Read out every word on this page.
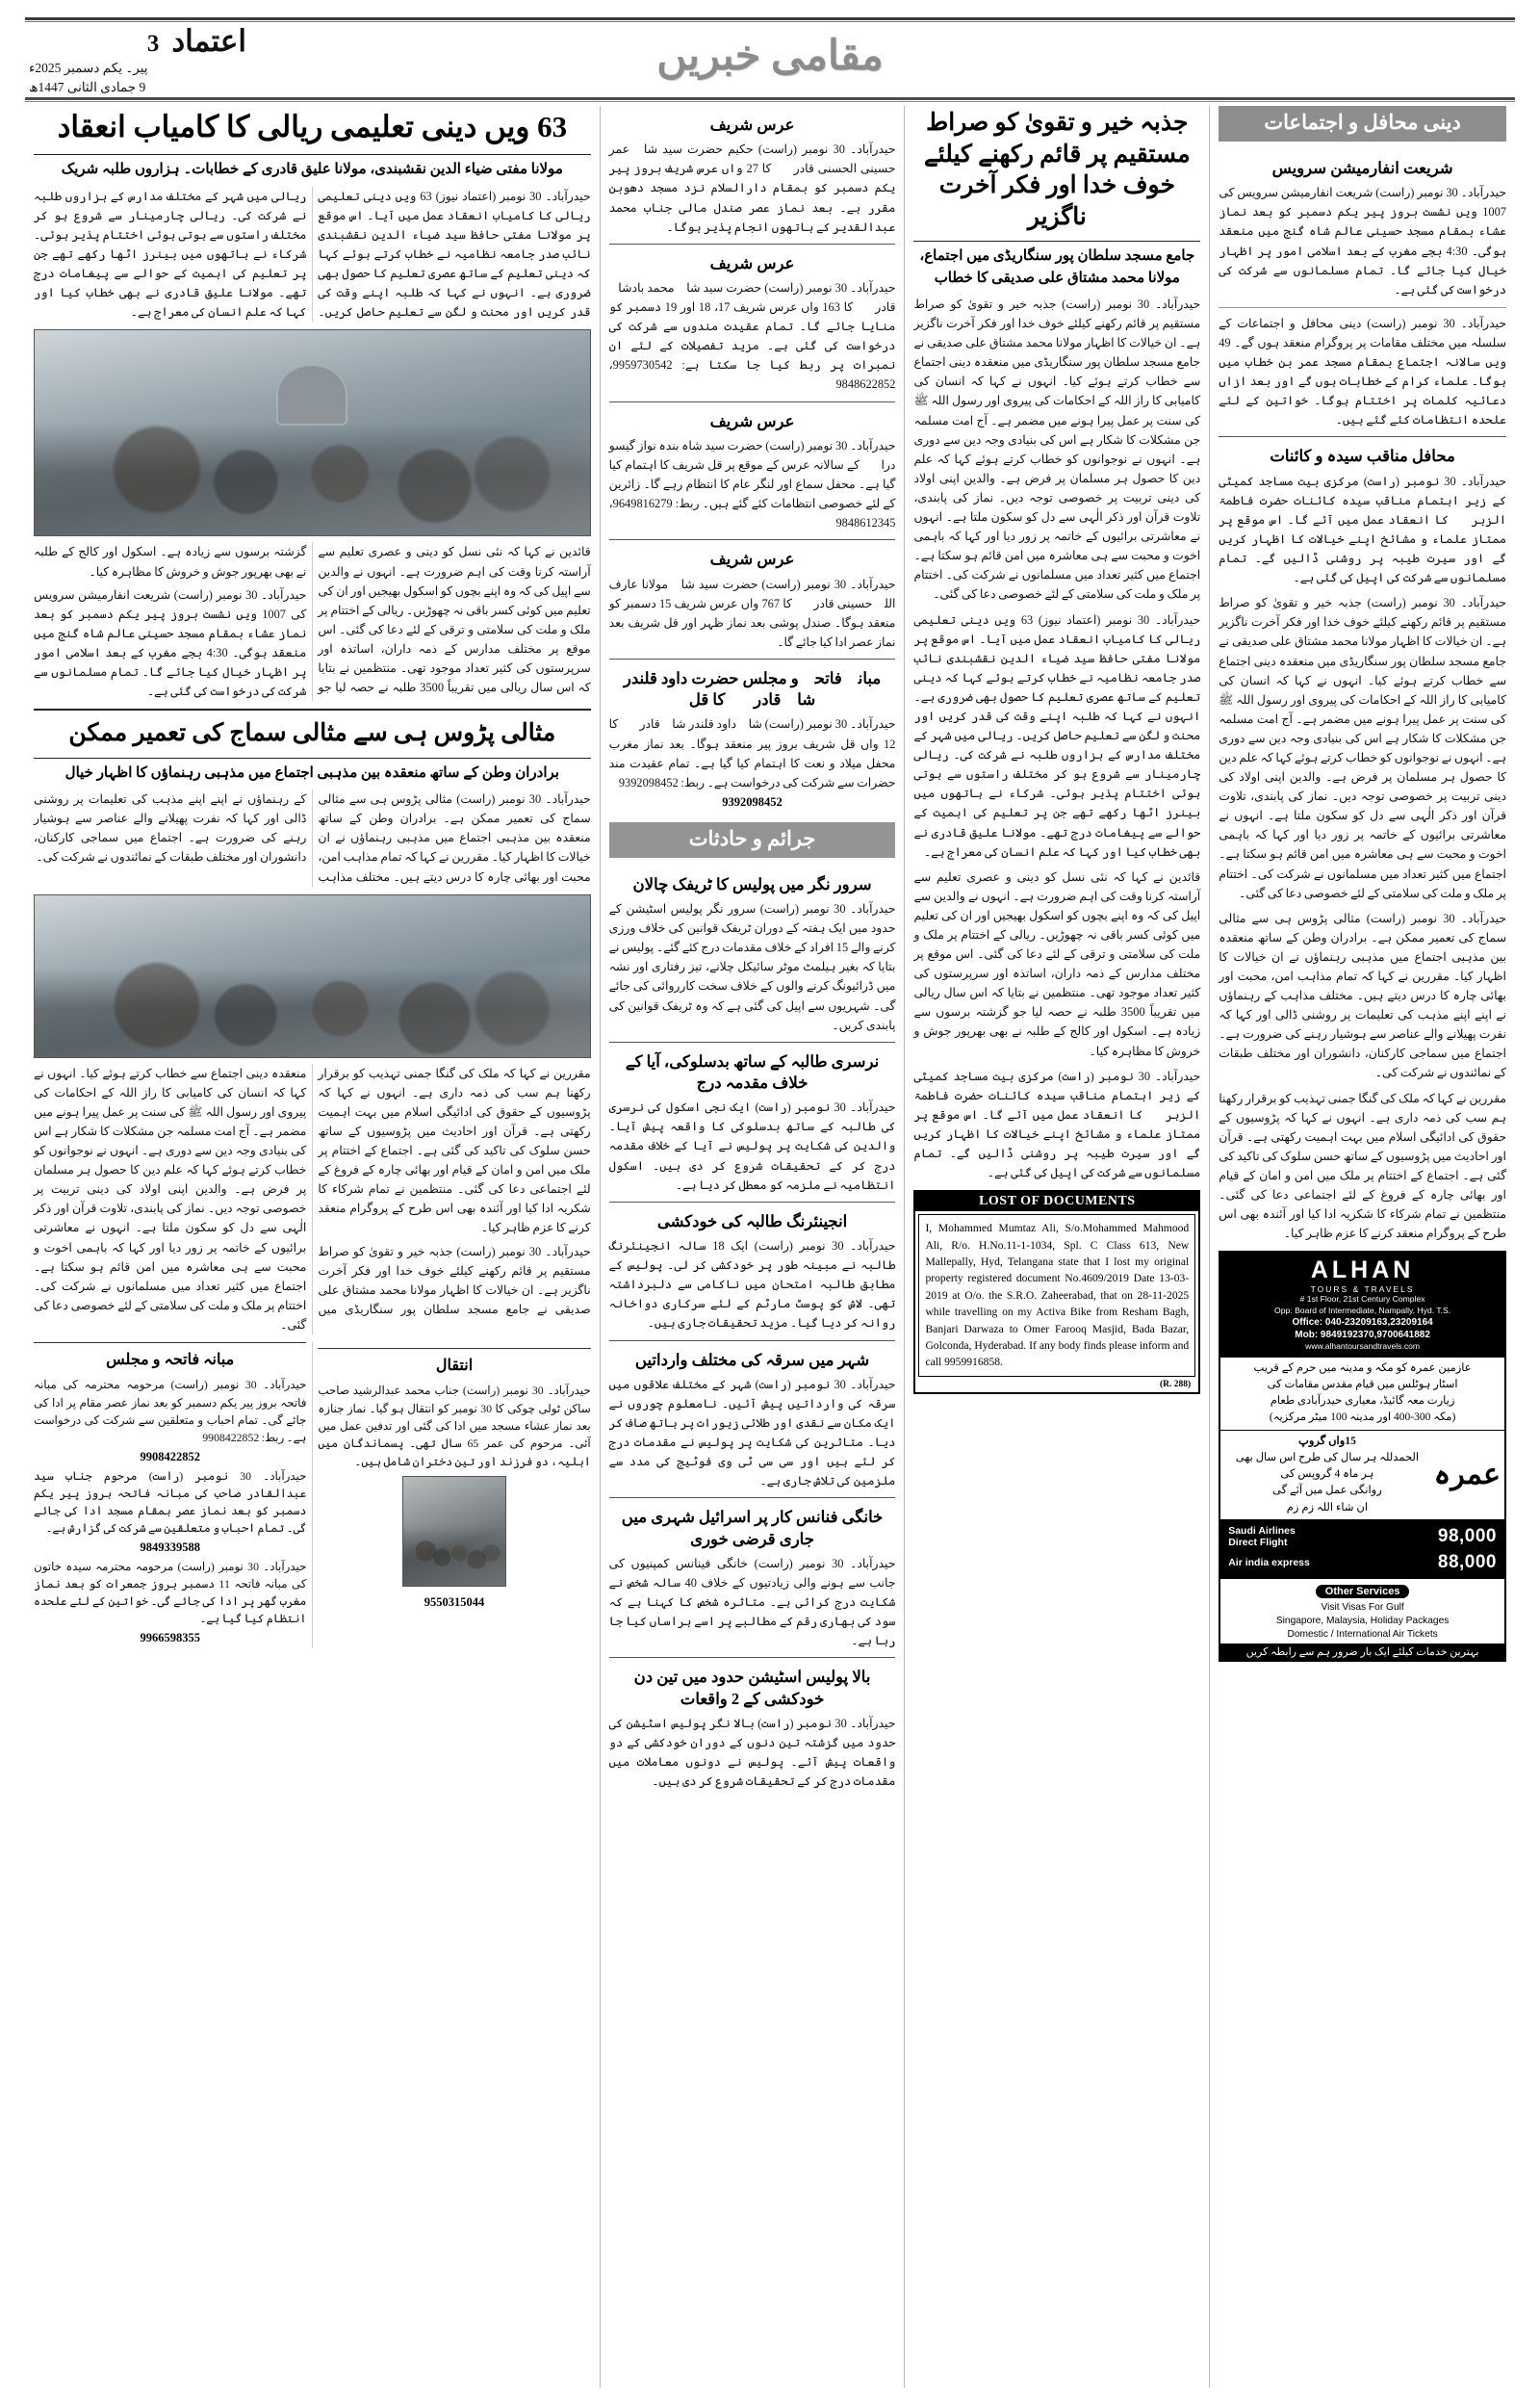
مقامی خبریں
اعتماد
3
پیر۔ یکم دسمبر 2025ء
9 جمادی الثانی 1447ھ
دینی محافل و اجتماعات
شریعت انفارمیشن سرویس
حیدرآباد۔ 30 نومبر (راست) شریعت انفارمیشن سرویس کی 1007 ویں نشست بروز پیر یکم دسمبر کو بعد نماز عشاء بمقام مسجد حسینی عالم شاہ گنج میں منعقد ہوگی۔ 4:30 بجے مغرب کے بعد اسلامی امور پر اظہار خیال کیا جائے گا۔ تمام مسلمانوں سے شرکت کی درخواست کی گئی ہے۔
حیدرآباد۔ 30 نومبر (راست) دینی محافل و اجتماعات کے سلسلہ میں مختلف مقامات پر پروگرام منعقد ہوں گے۔ 49 ویں سالانہ اجتماع بمقام مسجد عمر بن خطاب میں ہوگا۔ علماء کرام کے خطابات ہوں گے اور بعد ازاں دعائیہ کلمات پر اختتام ہوگا۔ خواتین کے لئے علحدہ انتظامات کئے گئے ہیں۔
محافل مناقب سیدہ و کائنات
حیدرآباد۔ 30 نومبر (راست) مرکزی بیت مساجد کمیٹی کے زیر اہتمام مناقب سیدہ کائنات حضرت فاطمۃ الزہراؓ کا انعقاد عمل میں آئے گا۔ اس موقع پر ممتاز علماء و مشائخ اپنے خیالات کا اظہار کریں گے اور سیرت طیبہ پر روشنی ڈالیں گے۔ تمام مسلمانوں سے شرکت کی اپیل کی گئی ہے۔
حیدرآباد۔ 30 نومبر (راست) جذبہ خیر و تقویٰ کو صراط مستقیم پر قائم رکھنے کیلئے خوف خدا اور فکر آخرت ناگزیر ہے۔ ان خیالات کا اظہار مولانا محمد مشتاق علی صدیقی نے جامع مسجد سلطان پور سنگاریڈی میں منعقدہ دینی اجتماع سے خطاب کرتے ہوئے کیا۔ انہوں نے کہا کہ انسان کی کامیابی کا راز اللہ کے احکامات کی پیروی اور رسول اللہ ﷺ کی سنت پر عمل پیرا ہونے میں مضمر ہے۔ آج امت مسلمہ جن مشکلات کا شکار ہے اس کی بنیادی وجہ دین سے دوری ہے۔ انہوں نے نوجوانوں کو خطاب کرتے ہوئے کہا کہ علم دین کا حصول ہر مسلمان پر فرض ہے۔ والدین اپنی اولاد کی دینی تربیت پر خصوصی توجہ دیں۔ نماز کی پابندی، تلاوت قرآن اور ذکر الٰہی سے دل کو سکون ملتا ہے۔ انہوں نے معاشرتی برائیوں کے خاتمہ پر زور دیا اور کہا کہ باہمی اخوت و محبت سے ہی معاشرہ میں امن قائم ہو سکتا ہے۔ اجتماع میں کثیر تعداد میں مسلمانوں نے شرکت کی۔ اختتام پر ملک و ملت کی سلامتی کے لئے خصوصی دعا کی گئی۔
حیدرآباد۔ 30 نومبر (راست) مثالی پڑوس ہی سے مثالی سماج کی تعمیر ممکن ہے۔ برادران وطن کے ساتھ منعقدہ بین مذہبی اجتماع میں مذہبی رہنماؤں نے ان خیالات کا اظہار کیا۔ مقررین نے کہا کہ تمام مذاہب امن، محبت اور بھائی چارہ کا درس دیتے ہیں۔ مختلف مذاہب کے رہنماؤں نے اپنے اپنے مذہب کی تعلیمات پر روشنی ڈالی اور کہا کہ نفرت پھیلانے والے عناصر سے ہوشیار رہنے کی ضرورت ہے۔ اجتماع میں سماجی کارکنان، دانشوران اور مختلف طبقات کے نمائندوں نے شرکت کی۔
مقررین نے کہا کہ ملک کی گنگا جمنی تہذیب کو برقرار رکھنا ہم سب کی ذمہ داری ہے۔ انہوں نے کہا کہ پڑوسیوں کے حقوق کی ادائیگی اسلام میں بہت اہمیت رکھتی ہے۔ قرآن اور احادیث میں پڑوسیوں کے ساتھ حسن سلوک کی تاکید کی گئی ہے۔ اجتماع کے اختتام پر ملک میں امن و امان کے قیام اور بھائی چارہ کے فروغ کے لئے اجتماعی دعا کی گئی۔ منتظمین نے تمام شرکاء کا شکریہ ادا کیا اور آئندہ بھی اس طرح کے پروگرام منعقد کرنے کا عزم ظاہر کیا۔
ALHAN
TOURS & TRAVELS
# 1st Floor, 21st Century Complex
Opp: Board of Intermediate, Nampally, Hyd. T.S.
Office: 040-23209163,23209164
Mob: 9849192370,9700641882
www.alhantoursandtravels.com
عازمین عمرہ کو مکہ و مدینہ میں حرم کے قریب
اسٹار ہوٹلس میں قیام مقدس مقامات کی
زیارت معہ گائیڈ، معیاری حیدرآبادی طعام
(مکہ 300-400 اور مدینہ 100 میٹر مرکزیہ)
عمرہ
15واں گروپ
الحمدللہ ہر سال کی طرح اس سال بھی
ہر ماہ 4 گروپس کی
روانگی عمل میں آئے گی
ان شاء اللہ زم زم
Saudi Airlines
Direct Flight	98,000
Air india express	88,000
Other Services
Visit Visas For Gulf
Singapore, Malaysia, Holiday Packages
Domestic / International Air Tickets
بہترین خدمات کیلئے ایک بار ضرور ہم سے رابطہ کریں
جذبہ خیر و تقویٰ کو صراط مستقیم پر قائم رکھنے کیلئے خوف خدا اور فکر آخرت ناگزیر
جامع مسجد سلطان پور سنگاریڈی میں اجتماع، مولانا محمد مشتاق علی صدیقی کا خطاب
حیدرآباد۔ 30 نومبر (راست) جذبہ خیر و تقویٰ کو صراط مستقیم پر قائم رکھنے کیلئے خوف خدا اور فکر آخرت ناگزیر ہے۔ ان خیالات کا اظہار مولانا محمد مشتاق علی صدیقی نے جامع مسجد سلطان پور سنگاریڈی میں منعقدہ دینی اجتماع سے خطاب کرتے ہوئے کیا۔ انہوں نے کہا کہ انسان کی کامیابی کا راز اللہ کے احکامات کی پیروی اور رسول اللہ ﷺ کی سنت پر عمل پیرا ہونے میں مضمر ہے۔ آج امت مسلمہ جن مشکلات کا شکار ہے اس کی بنیادی وجہ دین سے دوری ہے۔ انہوں نے نوجوانوں کو خطاب کرتے ہوئے کہا کہ علم دین کا حصول ہر مسلمان پر فرض ہے۔ والدین اپنی اولاد کی دینی تربیت پر خصوصی توجہ دیں۔ نماز کی پابندی، تلاوت قرآن اور ذکر الٰہی سے دل کو سکون ملتا ہے۔ انہوں نے معاشرتی برائیوں کے خاتمہ پر زور دیا اور کہا کہ باہمی اخوت و محبت سے ہی معاشرہ میں امن قائم ہو سکتا ہے۔ اجتماع میں کثیر تعداد میں مسلمانوں نے شرکت کی۔ اختتام پر ملک و ملت کی سلامتی کے لئے خصوصی دعا کی گئی۔
حیدرآباد۔ 30 نومبر (اعتماد نیوز) 63 ویں دینی تعلیمی ریالی کا کامیاب انعقاد عمل میں آیا۔ اس موقع پر مولانا مفتی حافظ سید ضیاء الدین نقشبندی نائب صدر جامعہ نظامیہ نے خطاب کرتے ہوئے کہا کہ دینی تعلیم کے ساتھ عصری تعلیم کا حصول بھی ضروری ہے۔ انہوں نے کہا کہ طلبہ اپنے وقت کی قدر کریں اور محنت و لگن سے تعلیم حاصل کریں۔ ریالی میں شہر کے مختلف مدارس کے ہزاروں طلبہ نے شرکت کی۔ ریالی چارمینار سے شروع ہو کر مختلف راستوں سے ہوتی ہوئی اختتام پذیر ہوئی۔ شرکاء نے ہاتھوں میں بینرز اٹھا رکھے تھے جن پر تعلیم کی اہمیت کے حوالے سے پیغامات درج تھے۔ مولانا علیق قادری نے بھی خطاب کیا اور کہا کہ علم انسان کی معراج ہے۔
قائدین نے کہا کہ نئی نسل کو دینی و عصری تعلیم سے آراستہ کرنا وقت کی اہم ضرورت ہے۔ انہوں نے والدین سے اپیل کی کہ وہ اپنے بچوں کو اسکول بھیجیں اور ان کی تعلیم میں کوئی کسر باقی نہ چھوڑیں۔ ریالی کے اختتام پر ملک و ملت کی سلامتی و ترقی کے لئے دعا کی گئی۔ اس موقع پر مختلف مدارس کے ذمہ داران، اساتذہ اور سرپرستوں کی کثیر تعداد موجود تھی۔ منتظمین نے بتایا کہ اس سال ریالی میں تقریباً 3500 طلبہ نے حصہ لیا جو گزشتہ برسوں سے زیادہ ہے۔ اسکول اور کالج کے طلبہ نے بھی بھرپور جوش و خروش کا مظاہرہ کیا۔
حیدرآباد۔ 30 نومبر (راست) مرکزی بیت مساجد کمیٹی کے زیر اہتمام مناقب سیدہ کائنات حضرت فاطمۃ الزہراؓ کا انعقاد عمل میں آئے گا۔ اس موقع پر ممتاز علماء و مشائخ اپنے خیالات کا اظہار کریں گے اور سیرت طیبہ پر روشنی ڈالیں گے۔ تمام مسلمانوں سے شرکت کی اپیل کی گئی ہے۔
LOST OF DOCUMENTS
I, Mohammed Mumtaz Ali, S/o.Mohammed Mahmood Ali, R/o. H.No.11-1-1034, Spl. C Class 613, New Mallepally, Hyd, Telangana state that I lost my original property registered document No.4609/2019 Date 13-03-2019 at O/o. the S.R.O. Zaheerabad, that on 28-11-2025 while travelling on my Activa Bike from Resham Bagh, Banjari Darwaza to Omer Farooq Masjid, Bada Bazar, Golconda, Hyderabad. If any body finds please inform and call 9959916858.
(R. 288)
عرس شریف
حیدرآباد۔ 30 نومبر (راست) حکیم حضرت سید شاہ عمر حسینی الحسنی قادریؒ کا 27 واں عرس شریف بروز پیر یکم دسمبر کو بمقام دارالسلام نزد مسجد دھوبن مقرر ہے۔ بعد نماز عصر صندل مالی جناب محمد عبدالقدیر کے ہاتھوں انجام پذیر ہوگا۔
عرس شریف
حیدرآباد۔ 30 نومبر (راست) حضرت سید شاہ محمد بادشاہ قادریؒ کا 163 واں عرس شریف 17، 18 اور 19 دسمبر کو منایا جائے گا۔ تمام عقیدت مندوں سے شرکت کی درخواست کی گئی ہے۔ مزید تفصیلات کے لئے ان نمبرات پر ربط کیا جا سکتا ہے: 9959730542، 9848622852
عرس شریف
حیدرآباد۔ 30 نومبر (راست) حضرت سید شاہ بندہ نواز گیسو درازؒ کے سالانہ عرس کے موقع پر قل شریف کا اہتمام کیا گیا ہے۔ محفل سماع اور لنگر عام کا انتظام رہے گا۔ زائرین کے لئے خصوصی انتظامات کئے گئے ہیں۔ ربط: 9649816279، 9848612345
عرس شریف
حیدرآباد۔ 30 نومبر (راست) حضرت سید شاہ مولانا عارف اللہ حسینی قادریؒ کا 767 واں عرس شریف 15 دسمبر کو منعقد ہوگا۔ صندل پوشی بعد نماز ظہر اور قل شریف بعد نماز عصر ادا کیا جائے گا۔
مبانہ فاتحہ و مجلس حضرت داود قلندر شاہ قادریؒ کا قل
حیدرآباد۔ 30 نومبر (راست) شاہ داود قلندر شاہ قادریؒ کا 12 واں قل شریف بروز پیر منعقد ہوگا۔ بعد نماز مغرب محفل میلاد و نعت کا اہتمام کیا گیا ہے۔ تمام عقیدت مند حضرات سے شرکت کی درخواست ہے۔ ربط: 9392098452
9392098452
جرائم و حادثات
سرور نگر میں پولیس کا ٹریفک چالان
حیدرآباد۔ 30 نومبر (راست) سرور نگر پولیس اسٹیشن کے حدود میں ایک ہفتہ کے دوران ٹریفک قوانین کی خلاف ورزی کرنے والے 15 افراد کے خلاف مقدمات درج کئے گئے۔ پولیس نے بتایا کہ بغیر ہیلمٹ موٹر سائیکل چلانے، تیز رفتاری اور نشہ میں ڈرائیونگ کرنے والوں کے خلاف سخت کارروائی کی جائے گی۔ شہریوں سے اپیل کی گئی ہے کہ وہ ٹریفک قوانین کی پابندی کریں۔
نرسری طالبہ کے ساتھ بدسلوکی، آیا کے خلاف مقدمہ درج
حیدرآباد۔ 30 نومبر (راست) ایک نجی اسکول کی نرسری کی طالبہ کے ساتھ بدسلوکی کا واقعہ پیش آیا۔ والدین کی شکایت پر پولیس نے آیا کے خلاف مقدمہ درج کر کے تحقیقات شروع کر دی ہیں۔ اسکول انتظامیہ نے ملزمہ کو معطل کر دیا ہے۔
انجینئرنگ طالبہ کی خودکشی
حیدرآباد۔ 30 نومبر (راست) ایک 18 سالہ انجینئرنگ طالبہ نے مبینہ طور پر خودکشی کر لی۔ پولیس کے مطابق طالبہ امتحان میں ناکامی سے دلبرداشتہ تھی۔ لاش کو پوسٹ مارٹم کے لئے سرکاری دواخانہ روانہ کر دیا گیا۔ مزید تحقیقات جاری ہیں۔
شہر میں سرقہ کی مختلف وارداتیں
حیدرآباد۔ 30 نومبر (راست) شہر کے مختلف علاقوں میں سرقہ کی وارداتیں پیش آئیں۔ نامعلوم چوروں نے ایک مکان سے نقدی اور طلائی زیورات پر ہاتھ صاف کر دیا۔ متاثرین کی شکایت پر پولیس نے مقدمات درج کر لئے ہیں اور سی سی ٹی وی فوٹیج کی مدد سے ملزمین کی تلاش جاری ہے۔
خانگی فنانس کار پر اسرائیل شہری میں جاری قرضی خوری
حیدرآباد۔ 30 نومبر (راست) خانگی فینانس کمپنیوں کی جانب سے ہونے والی زیادتیوں کے خلاف 40 سالہ شخص نے شکایت درج کرائی ہے۔ متاثرہ شخص کا کہنا ہے کہ سود کی بھاری رقم کے مطالبے پر اسے ہراساں کیا جا رہا ہے۔
بالا پولیس اسٹیشن حدود میں تین دن خودکشی کے 2 واقعات
حیدرآباد۔ 30 نومبر (راست) بالا نگر پولیس اسٹیشن کی حدود میں گزشتہ تین دنوں کے دوران خودکشی کے دو واقعات پیش آئے۔ پولیس نے دونوں معاملات میں مقدمات درج کر کے تحقیقات شروع کر دی ہیں۔
63 ویں دینی تعلیمی ریالی کا کامیاب انعقاد
مولانا مفتی ضیاء الدین نقشبندی، مولانا علیق قادری کے خطابات۔ ہزاروں طلبہ شریک
حیدرآباد۔ 30 نومبر (اعتماد نیوز) 63 ویں دینی تعلیمی ریالی کا کامیاب انعقاد عمل میں آیا۔ اس موقع پر مولانا مفتی حافظ سید ضیاء الدین نقشبندی نائب صدر جامعہ نظامیہ نے خطاب کرتے ہوئے کہا کہ دینی تعلیم کے ساتھ عصری تعلیم کا حصول بھی ضروری ہے۔ انہوں نے کہا کہ طلبہ اپنے وقت کی قدر کریں اور محنت و لگن سے تعلیم حاصل کریں۔ ریالی میں شہر کے مختلف مدارس کے ہزاروں طلبہ نے شرکت کی۔ ریالی چارمینار سے شروع ہو کر مختلف راستوں سے ہوتی ہوئی اختتام پذیر ہوئی۔ شرکاء نے ہاتھوں میں بینرز اٹھا رکھے تھے جن پر تعلیم کی اہمیت کے حوالے سے پیغامات درج تھے۔ مولانا علیق قادری نے بھی خطاب کیا اور کہا کہ علم انسان کی معراج ہے۔
قائدین نے کہا کہ نئی نسل کو دینی و عصری تعلیم سے آراستہ کرنا وقت کی اہم ضرورت ہے۔ انہوں نے والدین سے اپیل کی کہ وہ اپنے بچوں کو اسکول بھیجیں اور ان کی تعلیم میں کوئی کسر باقی نہ چھوڑیں۔ ریالی کے اختتام پر ملک و ملت کی سلامتی و ترقی کے لئے دعا کی گئی۔ اس موقع پر مختلف مدارس کے ذمہ داران، اساتذہ اور سرپرستوں کی کثیر تعداد موجود تھی۔ منتظمین نے بتایا کہ اس سال ریالی میں تقریباً 3500 طلبہ نے حصہ لیا جو گزشتہ برسوں سے زیادہ ہے۔ اسکول اور کالج کے طلبہ نے بھی بھرپور جوش و خروش کا مظاہرہ کیا۔
حیدرآباد۔ 30 نومبر (راست) شریعت انفارمیشن سرویس کی 1007 ویں نشست بروز پیر یکم دسمبر کو بعد نماز عشاء بمقام مسجد حسینی عالم شاہ گنج میں منعقد ہوگی۔ 4:30 بجے مغرب کے بعد اسلامی امور پر اظہار خیال کیا جائے گا۔ تمام مسلمانوں سے شرکت کی درخواست کی گئی ہے۔
مثالی پڑوس ہی سے مثالی سماج کی تعمیر ممکن
برادران وطن کے ساتھ منعقدہ بین مذہبی اجتماع میں مذہبی رہنماؤں کا اظہار خیال
حیدرآباد۔ 30 نومبر (راست) مثالی پڑوس ہی سے مثالی سماج کی تعمیر ممکن ہے۔ برادران وطن کے ساتھ منعقدہ بین مذہبی اجتماع میں مذہبی رہنماؤں نے ان خیالات کا اظہار کیا۔ مقررین نے کہا کہ تمام مذاہب امن، محبت اور بھائی چارہ کا درس دیتے ہیں۔ مختلف مذاہب کے رہنماؤں نے اپنے اپنے مذہب کی تعلیمات پر روشنی ڈالی اور کہا کہ نفرت پھیلانے والے عناصر سے ہوشیار رہنے کی ضرورت ہے۔ اجتماع میں سماجی کارکنان، دانشوران اور مختلف طبقات کے نمائندوں نے شرکت کی۔
مقررین نے کہا کہ ملک کی گنگا جمنی تہذیب کو برقرار رکھنا ہم سب کی ذمہ داری ہے۔ انہوں نے کہا کہ پڑوسیوں کے حقوق کی ادائیگی اسلام میں بہت اہمیت رکھتی ہے۔ قرآن اور احادیث میں پڑوسیوں کے ساتھ حسن سلوک کی تاکید کی گئی ہے۔ اجتماع کے اختتام پر ملک میں امن و امان کے قیام اور بھائی چارہ کے فروغ کے لئے اجتماعی دعا کی گئی۔ منتظمین نے تمام شرکاء کا شکریہ ادا کیا اور آئندہ بھی اس طرح کے پروگرام منعقد کرنے کا عزم ظاہر کیا۔
حیدرآباد۔ 30 نومبر (راست) جذبہ خیر و تقویٰ کو صراط مستقیم پر قائم رکھنے کیلئے خوف خدا اور فکر آخرت ناگزیر ہے۔ ان خیالات کا اظہار مولانا محمد مشتاق علی صدیقی نے جامع مسجد سلطان پور سنگاریڈی میں منعقدہ دینی اجتماع سے خطاب کرتے ہوئے کیا۔ انہوں نے کہا کہ انسان کی کامیابی کا راز اللہ کے احکامات کی پیروی اور رسول اللہ ﷺ کی سنت پر عمل پیرا ہونے میں مضمر ہے۔ آج امت مسلمہ جن مشکلات کا شکار ہے اس کی بنیادی وجہ دین سے دوری ہے۔ انہوں نے نوجوانوں کو خطاب کرتے ہوئے کہا کہ علم دین کا حصول ہر مسلمان پر فرض ہے۔ والدین اپنی اولاد کی دینی تربیت پر خصوصی توجہ دیں۔ نماز کی پابندی، تلاوت قرآن اور ذکر الٰہی سے دل کو سکون ملتا ہے۔ انہوں نے معاشرتی برائیوں کے خاتمہ پر زور دیا اور کہا کہ باہمی اخوت و محبت سے ہی معاشرہ میں امن قائم ہو سکتا ہے۔ اجتماع میں کثیر تعداد میں مسلمانوں نے شرکت کی۔ اختتام پر ملک و ملت کی سلامتی کے لئے خصوصی دعا کی گئی۔
انتقال
حیدرآباد۔ 30 نومبر (راست) جناب محمد عبدالرشید صاحب ساکن ٹولی چوکی کا 30 نومبر کو انتقال ہو گیا۔ نماز جنازہ بعد نماز عشاء مسجد میں ادا کی گئی اور تدفین عمل میں آئی۔ مرحوم کی عمر 65 سال تھی۔ پسماندگان میں اہلیہ، دو فرزند اور تین دختران شامل ہیں۔
9550315044
مبانہ فاتحہ و مجلس
حیدرآباد۔ 30 نومبر (راست) مرحومہ محترمہ کی مبانہ فاتحہ بروز پیر یکم دسمبر کو بعد نماز عصر مقام پر ادا کی جائے گی۔ تمام احباب و متعلقین سے شرکت کی درخواست ہے۔ ربط: 9908422852
9908422852
حیدرآباد۔ 30 نومبر (راست) مرحوم جناب سید عبدالقادر صاحب کی مبانہ فاتحہ بروز پیر یکم دسمبر کو بعد نماز عصر بمقام مسجد ادا کی جائے گی۔ تمام احباب و متعلقین سے شرکت کی گزارش ہے۔
9849339588
حیدرآباد۔ 30 نومبر (راست) مرحومہ محترمہ سیدہ خاتون کی مبانہ فاتحہ 11 دسمبر بروز جمعرات کو بعد نماز مغرب گھر پر ادا کی جائے گی۔ خواتین کے لئے علحدہ انتظام کیا گیا ہے۔
9966598355
